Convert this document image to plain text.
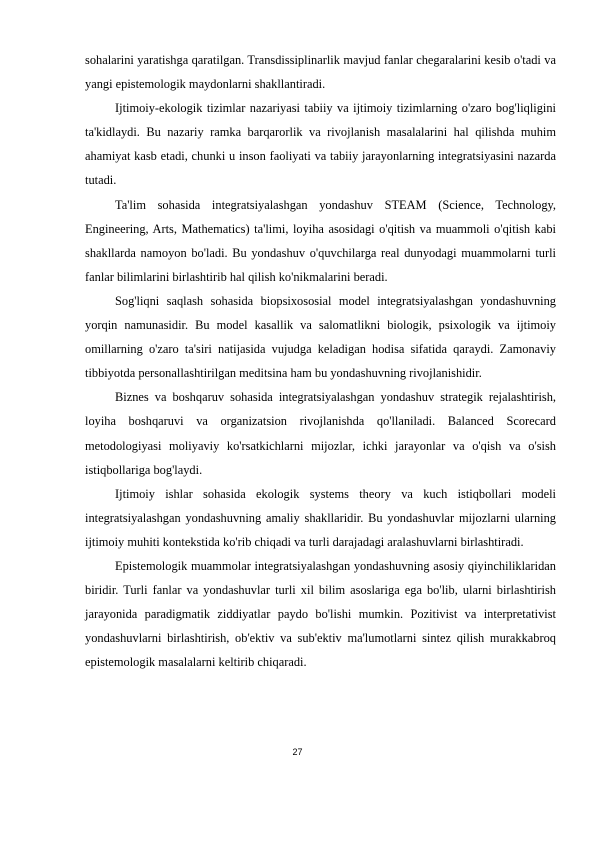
sohalarini yaratishga qaratilgan. Transdissiplinarlik mavjud fanlar chegaralarini kesib o'tadi va yangi epistemologik maydonlarni shakllantiradi.

Ijtimoiy-ekologik tizimlar nazariyasi tabiiy va ijtimoiy tizimlarning o'zaro bog'liqligini ta'kidlaydi. Bu nazariy ramka barqarorlik va rivojlanish masalalarini hal qilishda muhim ahamiyat kasb etadi, chunki u inson faoliyati va tabiiy jarayonlarning integratsiyasini nazarda tutadi.

Ta'lim sohasida integratsiyalashgan yondashuv STEAM (Science, Technology, Engineering, Arts, Mathematics) ta'limi, loyiha asosidagi o'qitish va muammoli o'qitish kabi shakllarda namoyon bo'ladi. Bu yondashuv o'quvchilarga real dunyodagi muammolarni turli fanlar bilimlarini birlashtirib hal qilish ko'nikmalarini beradi.

Sog'liqni saqlash sohasida biopsixososial model integratsiyalashgan yondashuvning yorqin namunasidir. Bu model kasallik va salomatlikni biologik, psixologik va ijtimoiy omillarning o'zaro ta'siri natijasida vujudga keladigan hodisa sifatida qaraydi. Zamonaviy tibbiyotda personallashtirilgan meditsina ham bu yondashuvning rivojlanishidir.

Biznes va boshqaruv sohasida integratsiyalashgan yondashuv strategik rejalashtirish, loyiha boshqaruvi va organizatsion rivojlanishda qo'llaniladi. Balanced Scorecard metodologiyasi moliyaviy ko'rsatkichlarni mijozlar, ichki jarayonlar va o'qish va o'sish istiqbollariga bog'laydi.

Ijtimoiy ishlar sohasida ekologik systems theory va kuch istiqbollari modeli integratsiyalashgan yondashuvning amaliy shakllaridir. Bu yondashuvlar mijozlarni ularning ijtimoiy muhiti kontekstida ko'rib chiqadi va turli darajadagi aralashuvlarni birlashtiradi.

Epistemologik muammolar integratsiyalashgan yondashuvning asosiy qiyinchiliklaridan biridir. Turli fanlar va yondashuvlar turli xil bilim asoslariga ega bo'lib, ularni birlashtirish jarayonida paradigmatik ziddiyatlar paydo bo'lishi mumkin. Pozitivist va interpretativist yondashuvlarni birlashtirish, ob'ektiv va sub'ektiv ma'lumotlarni sintez qilish murakkabroq epistemologik masalalarni keltirib chiqaradi.

27
